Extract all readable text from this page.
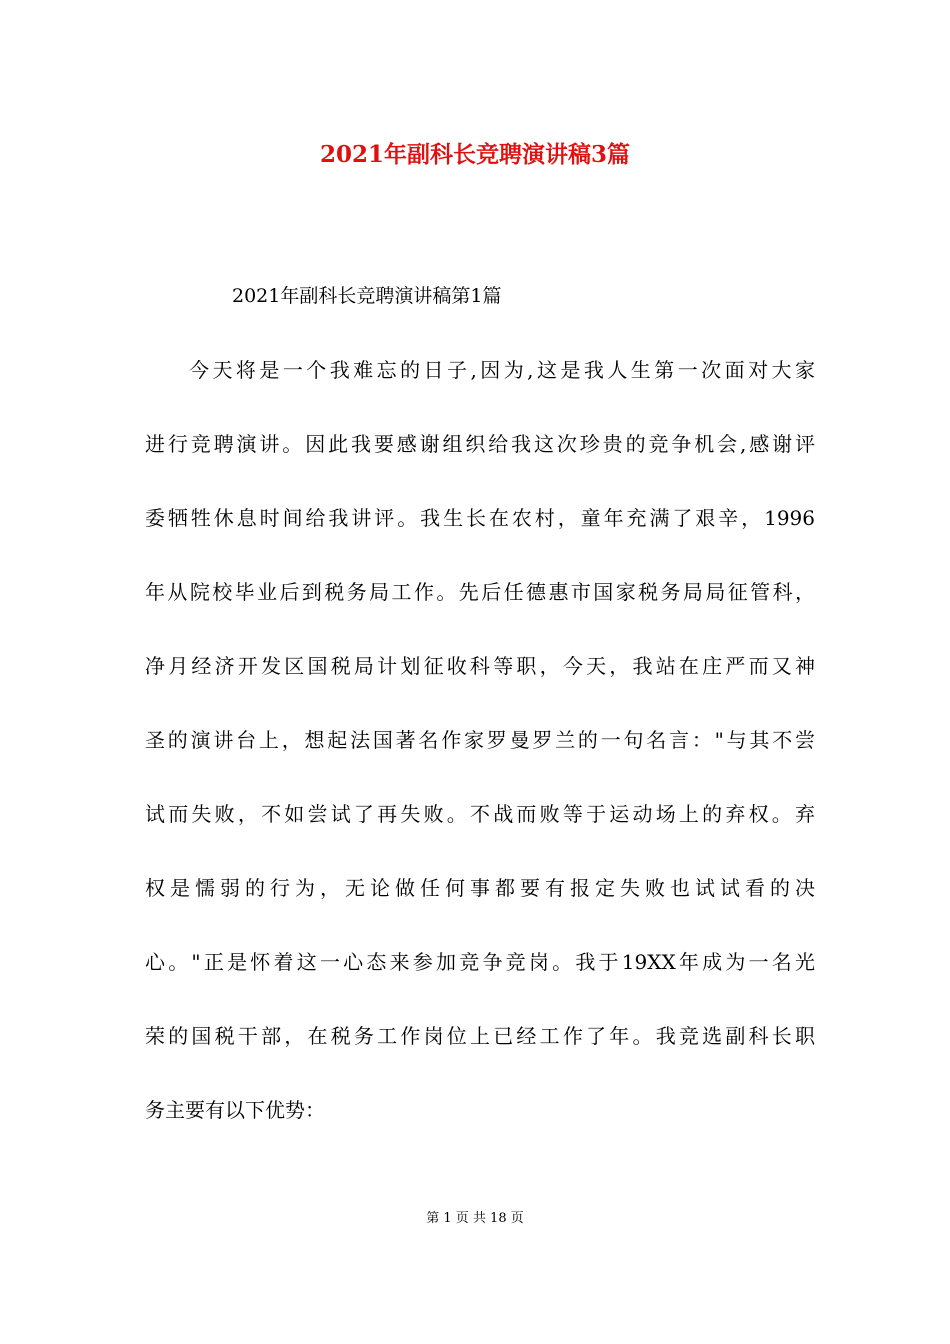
2021年副科长竞聘演讲稿3篇

2021年副科长竞聘演讲稿第1篇

今天将是一个我难忘的日子,因为,这是我人生第一次面对大家
进行竞聘演讲。因此我要感谢组织给我这次珍贵的竞争机会,感谢评
委牺牲休息时间给我讲评。我生长在农村，童年充满了艰辛，1996
年从院校毕业后到税务局工作。先后任德惠市国家税务局局征管科，
净月经济开发区国税局计划征收科等职，今天，我站在庄严而又神
圣的演讲台上，想起法国著名作家罗曼罗兰的一句名言："与其不尝
试而失败，不如尝试了再失败。不战而败等于运动场上的弃权。弃
权是懦弱的行为，无论做任何事都要有报定失败也试试看的决
心。"正是怀着这一心态来参加竞争竞岗。我于19XX年成为一名光
荣的国税干部，在税务工作岗位上已经工作了年。我竞选副科长职
务主要有以下优势：

第 1 页 共 18 页
